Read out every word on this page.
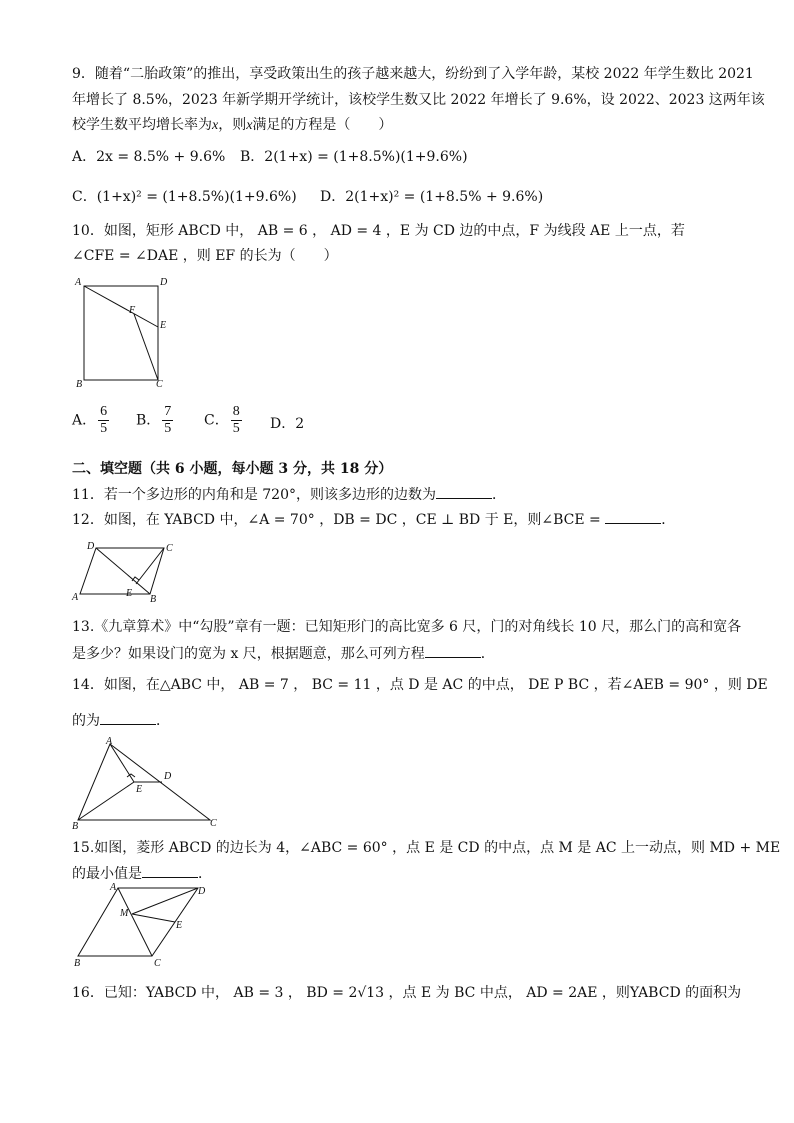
9．随着“二胎政策”的推出，享受政策出生的孩子越来越大，纷纷到了入学年龄，某校 2022 年学生数比 2021
年增长了 8.5%，2023 年新学期开学统计，该校学生数又比 2022 年增长了 9.6%，设 2022、2023 这两年该
校学生数平均增长率为x，则x满足的方程是（　　）
A．2x = 8.5% + 9.6% B．2(1+x) = (1+8.5%)(1+9.6%)
C．(1+x)² = (1+8.5%)(1+9.6%) D．2(1+x)² = (1+8.5% + 9.6%)
10．如图，矩形 ABCD 中， AB = 6 ， AD = 4 ，E 为 CD 边的中点，F 为线段 AE 上一点，若
∠CFE = ∠DAE ，则 EF 的长为（　　）
A	D
F
E
B	C
A． $\frac{6}{5}$ B． $\frac{7}{5}$ C． $\frac{8}{5}$ D．2
二、填空题（共 6 小题，每小题 3 分，共 18 分）
11．若一个多边形的内角和是 720°，则该多边形的边数为	．
12．如图，在 YABCD 中，∠A = 70° ，DB = DC ，CE ⊥ BD 于 E，则∠BCE =	．
D	C
A	E
B
13.《九章算术》中“勾股”章有一题：已知矩形门的高比宽多 6 尺，门的对角线长 10 尺，那么门的高和宽各
是多少？如果设门的宽为 x 尺，根据题意，那么可列方程	．
14．如图，在△ABC 中， AB = 7 ， BC = 11 ，点 D 是 AC 的中点， DE P BC ，若∠AEB = 90° ，则 DE
的为	．
A
D
E
B	C
15.如图，菱形 ABCD 的边长为 4，∠ABC = 60° ，点 E 是 CD 的中点，点 M 是 AC 上一动点，则 MD + ME
的最小值是	．
A	D
M
E
B	C
16．已知：YABCD 中， AB = 3 ， BD = 2√13 ，点 E 为 BC 中点， AD = 2AE ，则YABCD 的面积为
